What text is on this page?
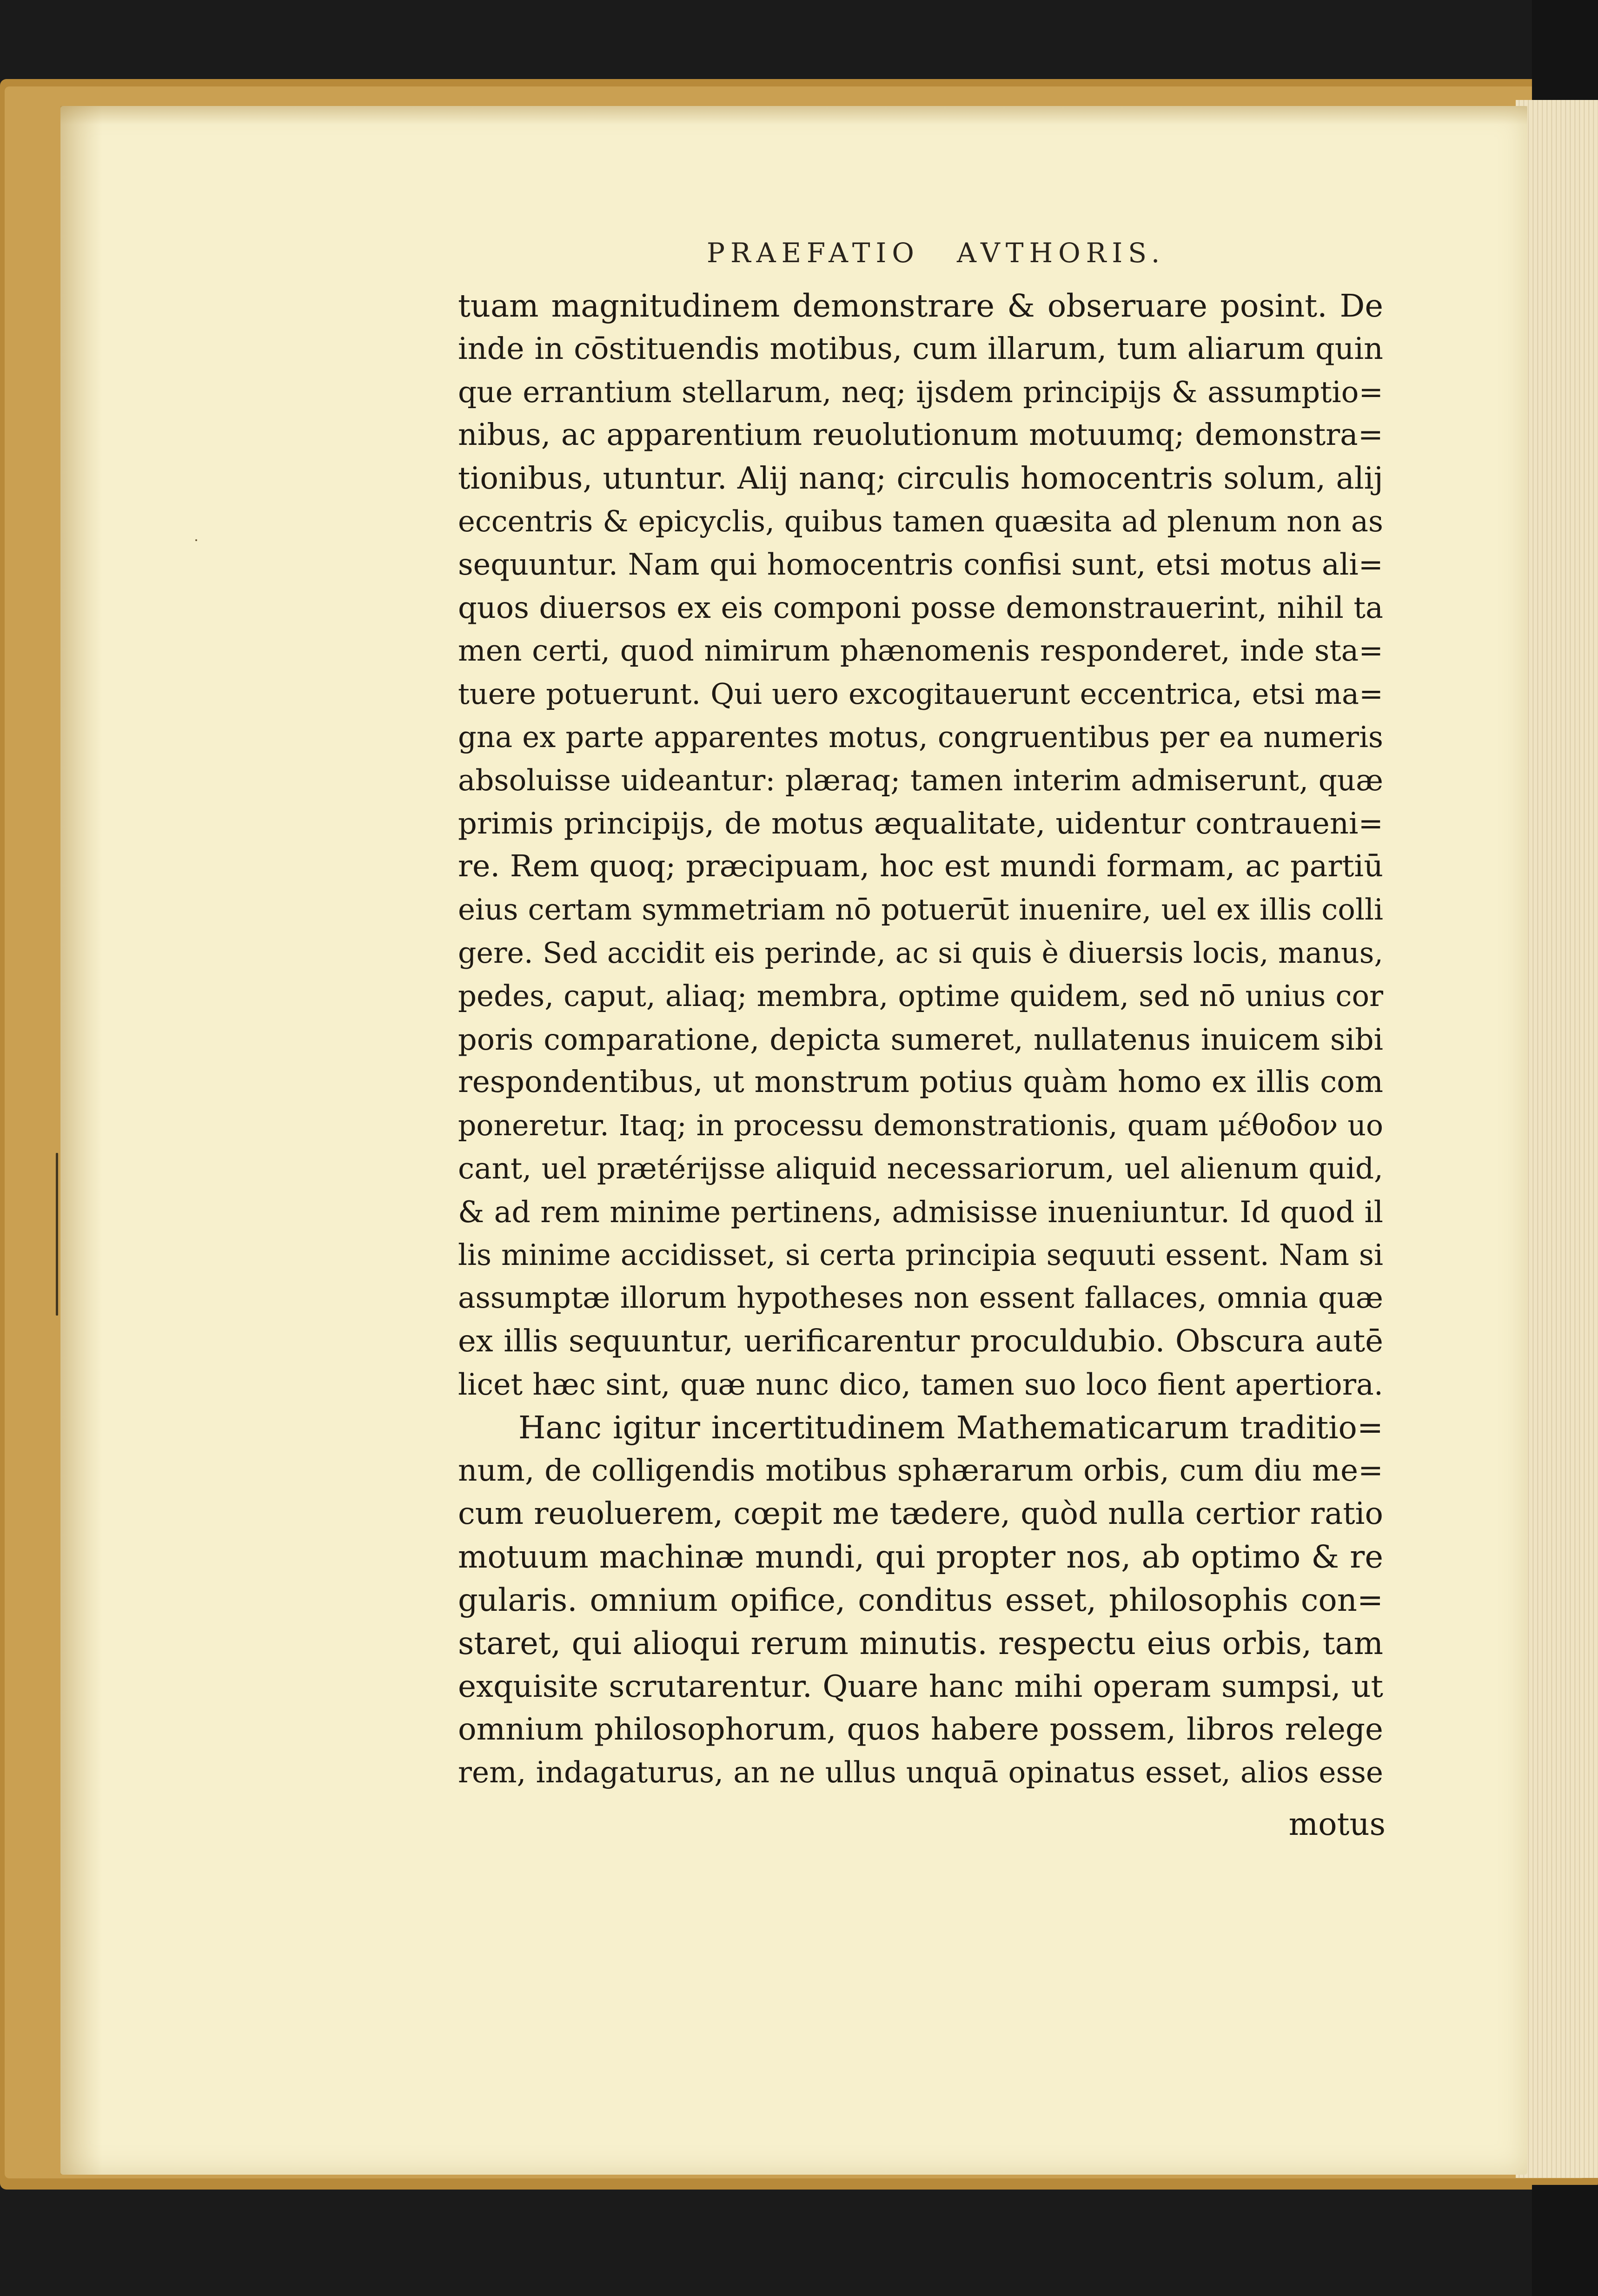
PRAEFATIO AVTHORIS.
tuam magnitudinem demonstrare & obseruare posint. De
inde in cōstituendis motibus, cum illarum, tum aliarum quin
que errantium stellarum, neq; ijsdem principijs & assumptio=
nibus, ac apparentium reuolutionum motuumq; demonstra=
tionibus, utuntur. Alij nanq; circulis homocentris solum, alij
eccentris & epicyclis, quibus tamen quæsita ad plenum non as
sequuntur. Nam qui homocentris confisi sunt, etsi motus ali=
quos diuersos ex eis componi posse demonstrauerint, nihil ta
men certi, quod nimirum phænomenis responderet, inde sta=
tuere potuerunt. Qui uero excogitauerunt eccentrica, etsi ma=
gna ex parte apparentes motus, congruentibus per ea numeris
absoluisse uideantur: plæraq; tamen interim admiserunt, quæ
primis principijs, de motus æqualitate, uidentur contraueni=
re. Rem quoq; præcipuam, hoc est mundi formam, ac partiū
eius certam symmetriam nō potuerūt inuenire, uel ex illis colli
gere. Sed accidit eis perinde, ac si quis è diuersis locis, manus,
pedes, caput, aliaq; membra, optime quidem, sed nō unius cor
poris comparatione, depicta sumeret, nullatenus inuicem sibi
respondentibus, ut monstrum potius quàm homo ex illis com
poneretur. Itaq; in processu demonstrationis, quam μέθοδον uo
cant, uel prætérijsse aliquid necessariorum, uel alienum quid,
& ad rem minime pertinens, admisisse inueniuntur. Id quod il
lis minime accidisset, si certa principia sequuti essent. Nam si
assumptæ illorum hypotheses non essent fallaces, omnia quæ
ex illis sequuntur, uerificarentur proculdubio. Obscura autē
licet hæc sint, quæ nunc dico, tamen suo loco fient apertiora.
Hanc igitur incertitudinem Mathematicarum traditio=
num, de colligendis motibus sphærarum orbis, cum diu me=
cum reuoluerem, cœpit me tædere, quòd nulla certior ratio
motuum machinæ mundi, qui propter nos, ab optimo & re
gularis. omnium opifice, conditus esset, philosophis con=
staret, qui alioqui rerum minutis. respectu eius orbis, tam
exquisite scrutarentur. Quare hanc mihi operam sumpsi, ut
omnium philosophorum, quos habere possem, libros relege
rem, indagaturus, an ne ullus unquā opinatus esset, alios esse
motus
